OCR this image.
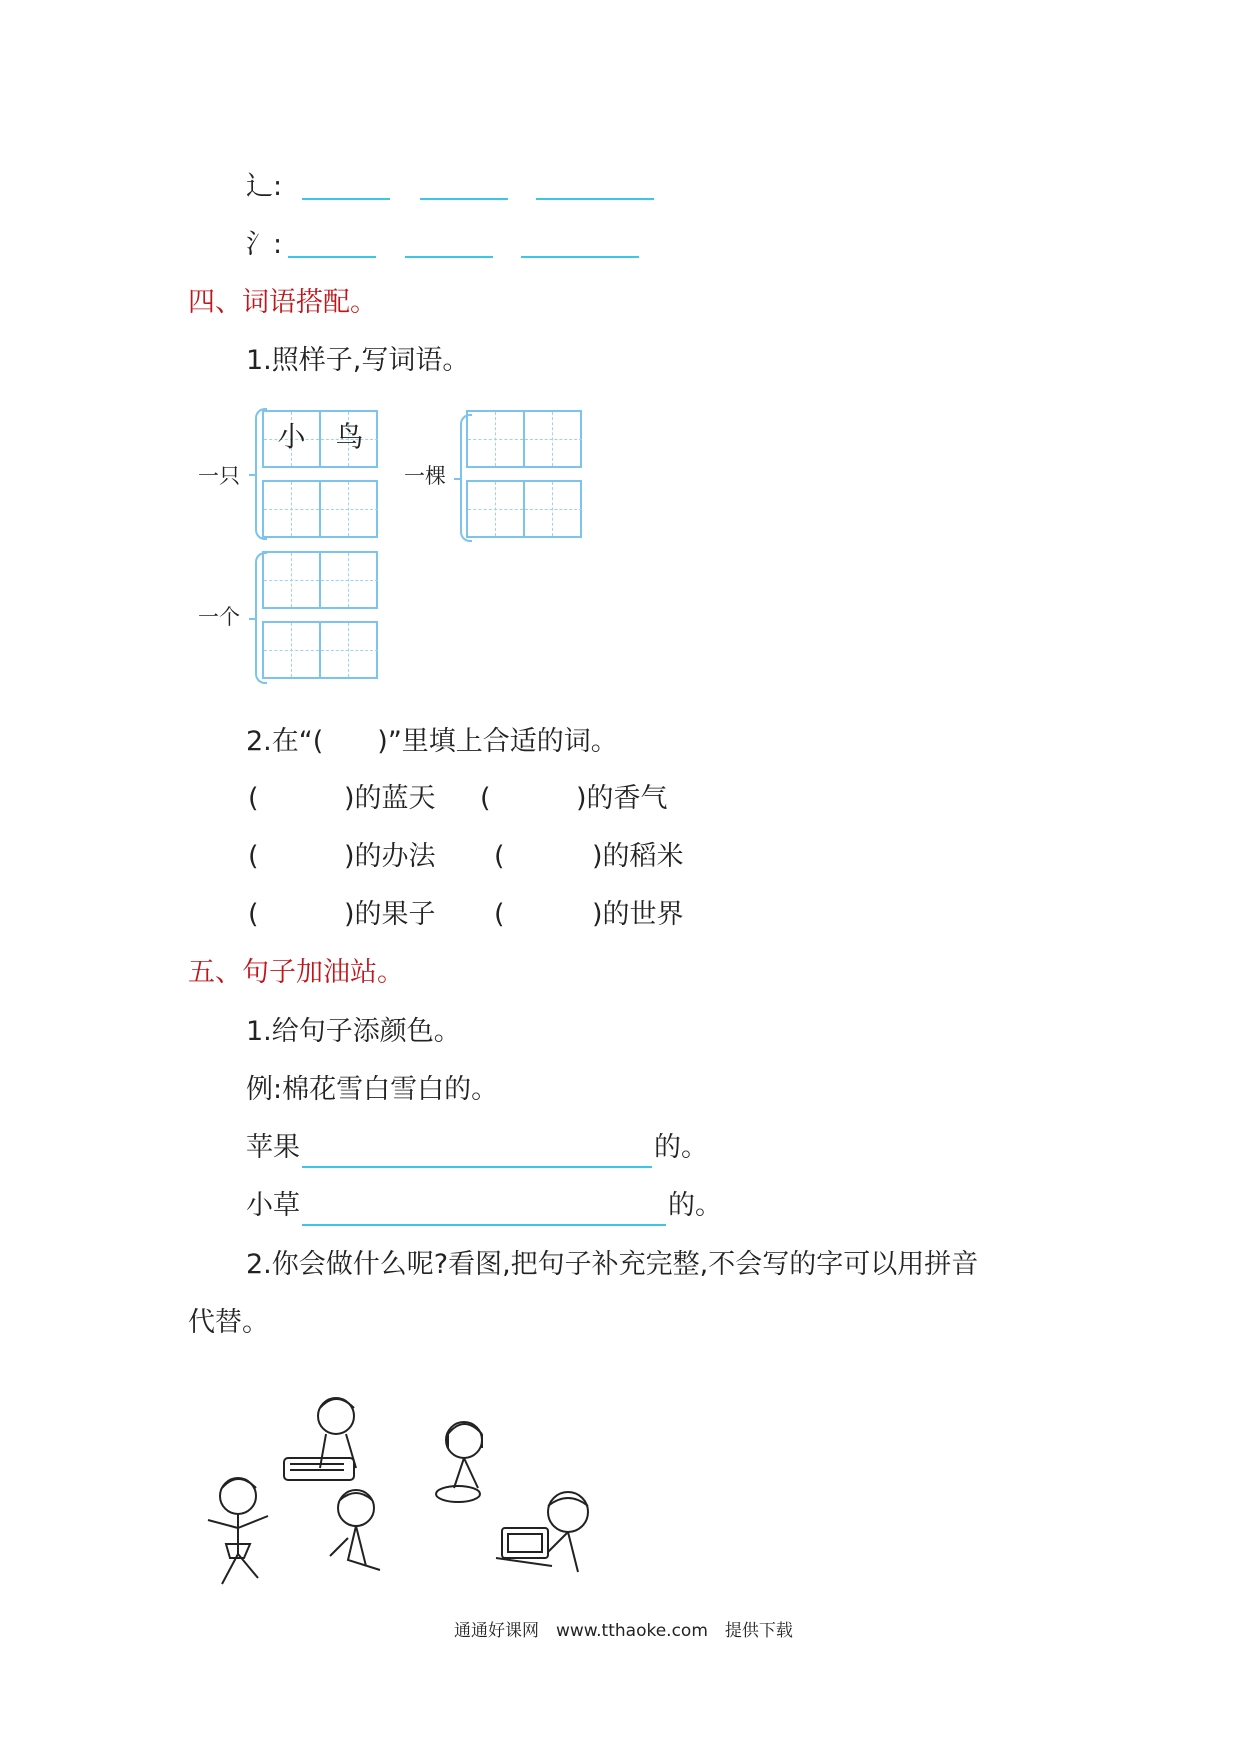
辶:
氵:
四、词语搭配。
1.照样子,写词语。
一只
小	鸟
一棵
一个
2.在“(　　)”里填上合适的词。
(	)的蓝天 (	)的香气
(	)的办法 (	)的稻米
(	)的果子 (	)的世界
五、句子加油站。
1.给句子添颜色。
例:棉花雪白雪白的。
苹果	的。
小草	的。
2.你会做什么呢?看图,把句子补充完整,不会写的字可以用拼音
代替。
通通好课网　www.tthaoke.com　提供下载
